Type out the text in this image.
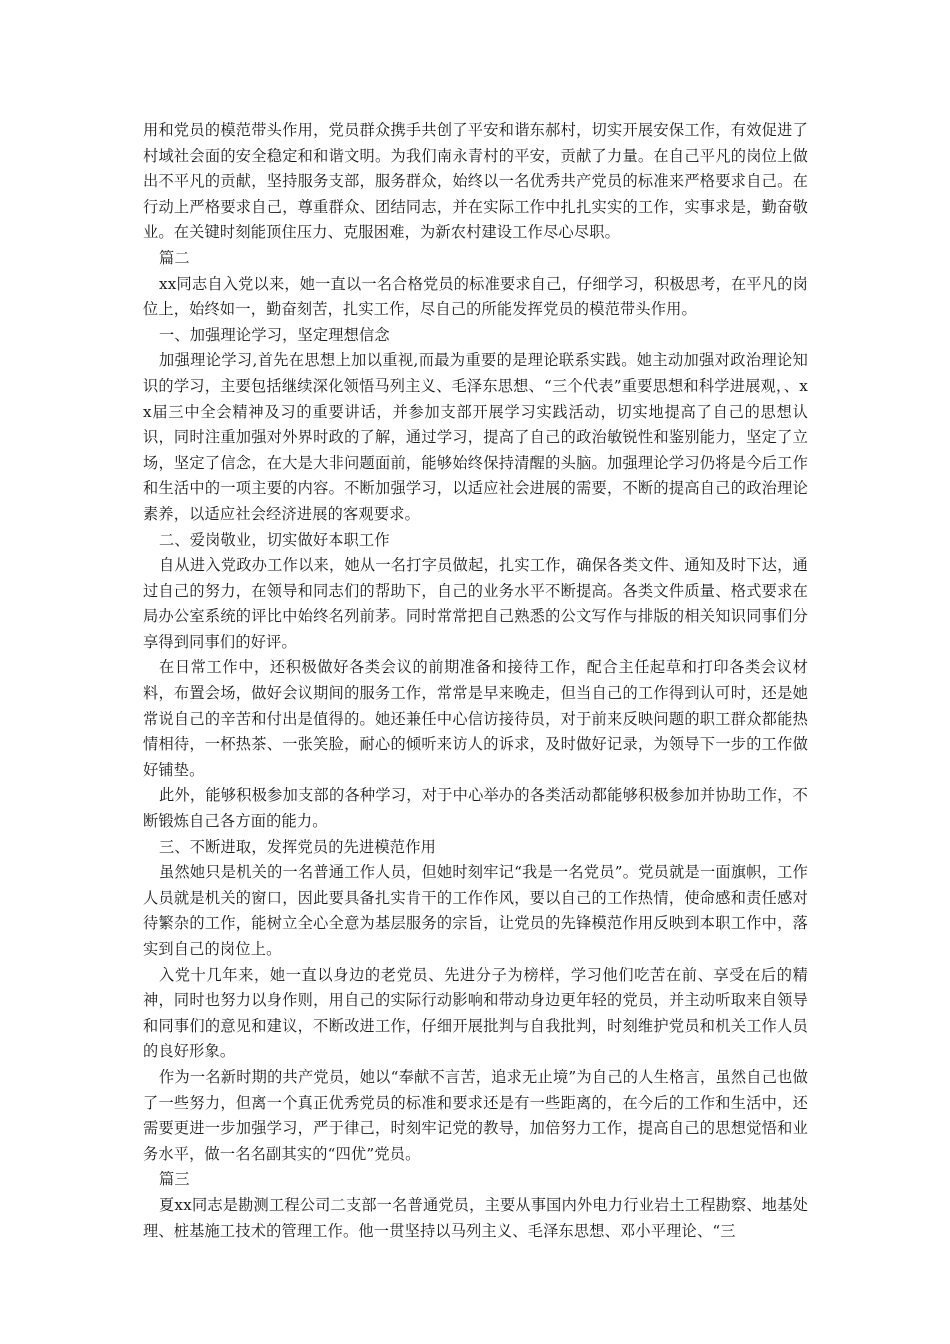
用和党员的模范带头作用，党员群众携手共创了平安和谐东郝村，切实开展安保工作，有效促进了村域社会面的安全稳定和和谐文明。为我们南永青村的平安，贡献了力量。在自己平凡的岗位上做出不平凡的贡献，坚持服务支部，服务群众，始终以一名优秀共产党员的标准来严格要求自己。在行动上严格要求自己，尊重群众、团结同志，并在实际工作中扎扎实实的工作，实事求是，勤奋敬业。在关键时刻能顶住压力、克服困难，为新农村建设工作尽心尽职。

篇二

xx同志自入党以来，她一直以一名合格党员的标准要求自己，仔细学习，积极思考，在平凡的岗位上，始终如一，勤奋刻苦，扎实工作，尽自己的所能发挥党员的模范带头作用。

一、加强理论学习，坚定理想信念

加强理论学习,首先在思想上加以重视,而最为重要的是理论联系实践。她主动加强对政治理论知识的学习，主要包括继续深化领悟马列主义、毛泽东思想、“三个代表”重要思想和科学进展观，、xx届三中全会精神及习的重要讲话，并参加支部开展学习实践活动，切实地提高了自己的思想认识，同时注重加强对外界时政的了解，通过学习，提高了自己的政治敏锐性和鉴别能力，坚定了立场，坚定了信念，在大是大非问题面前，能够始终保持清醒的头脑。加强理论学习仍将是今后工作和生活中的一项主要的内容。不断加强学习，以适应社会进展的需要，不断的提高自己的政治理论素养，以适应社会经济进展的客观要求。

二、爱岗敬业，切实做好本职工作

自从进入党政办工作以来，她从一名打字员做起，扎实工作，确保各类文件、通知及时下达，通过自己的努力，在领导和同志们的帮助下，自己的业务水平不断提高。各类文件质量、格式要求在局办公室系统的评比中始终名列前茅。同时常常把自己熟悉的公文写作与排版的相关知识同事们分享得到同事们的好评。

在日常工作中，还积极做好各类会议的前期准备和接待工作，配合主任起草和打印各类会议材料，布置会场，做好会议期间的服务工作，常常是早来晚走，但当自己的工作得到认可时，还是她常说自己的辛苦和付出是值得的。她还兼任中心信访接待员，对于前来反映问题的职工群众都能热情相待，一杯热茶、一张笑脸，耐心的倾听来访人的诉求，及时做好记录，为领导下一步的工作做好铺垫。

此外，能够积极参加支部的各种学习，对于中心举办的各类活动都能够积极参加并协助工作，不断锻炼自己各方面的能力。

三、不断进取，发挥党员的先进模范作用

虽然她只是机关的一名普通工作人员，但她时刻牢记“我是一名党员”。党员就是一面旗帜，工作人员就是机关的窗口，因此要具备扎实肯干的工作作风，要以自己的工作热情，使命感和责任感对待繁杂的工作，能树立全心全意为基层服务的宗旨，让党员的先锋模范作用反映到本职工作中，落实到自己的岗位上。

入党十几年来，她一直以身边的老党员、先进分子为榜样，学习他们吃苦在前、享受在后的精神，同时也努力以身作则，用自己的实际行动影响和带动身边更年轻的党员，并主动听取来自领导和同事们的意见和建议，不断改进工作，仔细开展批判与自我批判，时刻维护党员和机关工作人员的良好形象。

作为一名新时期的共产党员，她以“奉献不言苦，追求无止境”为自己的人生格言，虽然自己也做了一些努力，但离一个真正优秀党员的标准和要求还是有一些距离的，在今后的工作和生活中，还需要更进一步加强学习，严于律己，时刻牢记党的教导，加倍努力工作，提高自己的思想觉悟和业务水平，做一名名副其实的“四优”党员。

篇三

夏xx同志是勘测工程公司二支部一名普通党员，主要从事国内外电力行业岩土工程勘察、地基处理、桩基施工技术的管理工作。他一贯坚持以马列主义、毛泽东思想、邓小平理论、“三
